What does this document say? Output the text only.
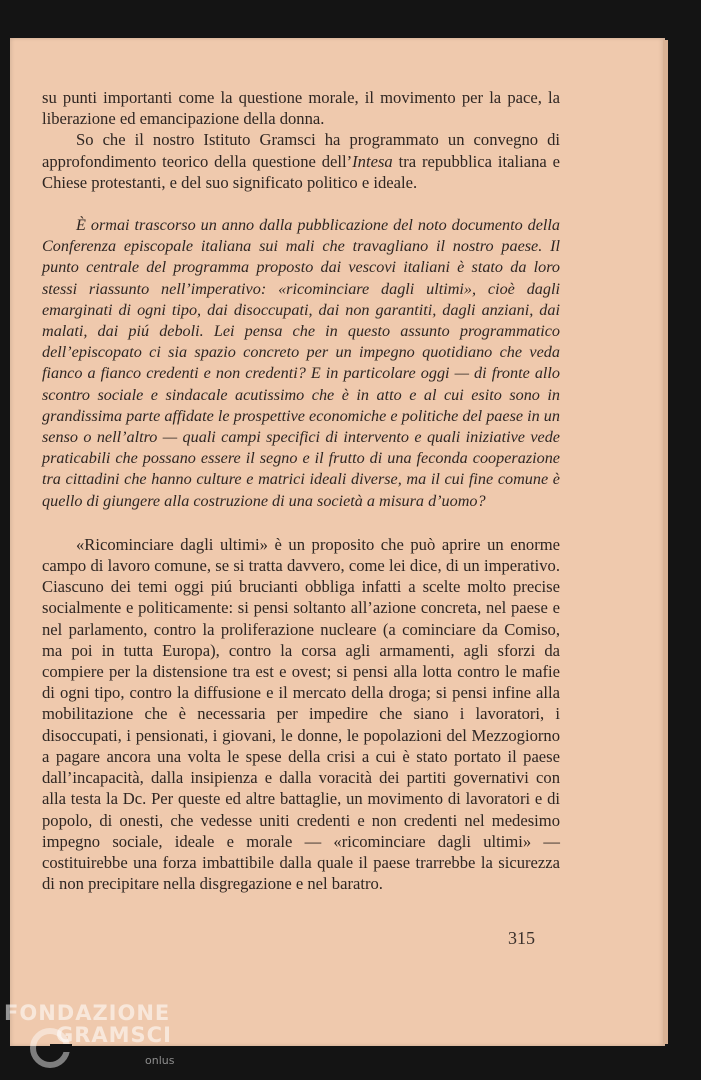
su punti importanti come la questione morale, il movimento per la pace, la liberazione ed emancipazione della donna.

So che il nostro Istituto Gramsci ha programmato un convegno di approfondimento teorico della questione dell’Intesa tra repubblica italiana e Chiese protestanti, e del suo significato politico e ideale.

È ormai trascorso un anno dalla pubblicazione del noto documento della Conferenza episcopale italiana sui mali che travagliano il nostro paese. Il punto centrale del programma proposto dai vescovi italiani è stato da loro stessi riassunto nell’imperativo: «ricominciare dagli ultimi», cioè dagli emarginati di ogni tipo, dai disoccupati, dai non garantiti, dagli anziani, dai malati, dai piú deboli. Lei pensa che in questo assunto programmatico dell’episcopato ci sia spazio concreto per un impegno quotidiano che veda fianco a fianco credenti e non credenti? E in particolare oggi — di fronte allo scontro sociale e sindacale acutissimo che è in atto e al cui esito sono in grandissima parte affidate le prospettive economiche e politiche del paese in un senso o nell’altro — quali campi specifici di intervento e quali iniziative vede praticabili che possano essere il segno e il frutto di una feconda cooperazione tra cittadini che hanno culture e matrici ideali diverse, ma il cui fine comune è quello di giungere alla costruzione di una società a misura d’uomo?

«Ricominciare dagli ultimi» è un proposito che può aprire un enorme campo di lavoro comune, se si tratta davvero, come lei dice, di un imperativo. Ciascuno dei temi oggi piú brucianti obbliga infatti a scelte molto precise socialmente e politicamente: si pensi soltanto all’azione concreta, nel paese e nel parlamento, contro la proliferazione nucleare (a cominciare da Comiso, ma poi in tutta Europa), contro la corsa agli armamenti, agli sforzi da compiere per la distensione tra est e ovest; si pensi alla lotta contro le mafie di ogni tipo, contro la diffusione e il mercato della droga; si pensi infine alla mobilitazione che è necessaria per impedire che siano i lavoratori, i disoccupati, i pensionati, i giovani, le donne, le popolazioni del Mezzogiorno a pagare ancora una volta le spese della crisi a cui è stato portato il paese dall’incapacità, dalla insipienza e dalla voracità dei partiti governativi con alla testa la Dc. Per queste ed altre battaglie, un movimento di lavoratori e di popolo, di onesti, che vedesse uniti credenti e non credenti nel medesimo impegno sociale, ideale e morale — «ricominciare dagli ultimi» — costituirebbe una forza imbattibile dalla quale il paese trarrebbe la sicurezza di non precipitare nella disgregazione e nel baratro.

315
FONDAZIONE
GRAMSCI
onlus
